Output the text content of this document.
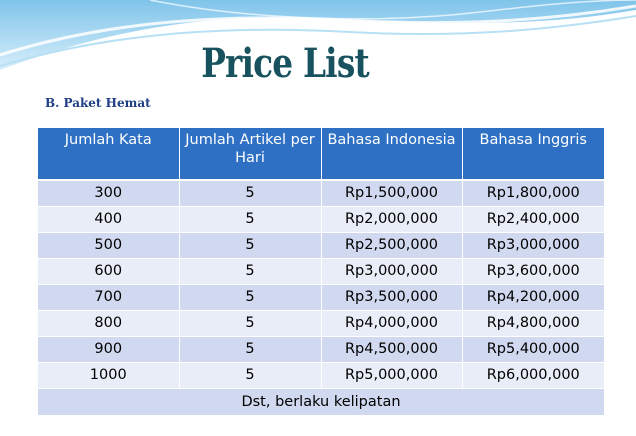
Price List
B. Paket Hemat
Jumlah Kata	Jumlah Artikel per Hari	Bahasa Indonesia	Bahasa Inggris
300	5	Rp1,500,000	Rp1,800,000
400	5	Rp2,000,000	Rp2,400,000
500	5	Rp2,500,000	Rp3,000,000
600	5	Rp3,000,000	Rp3,600,000
700	5	Rp3,500,000	Rp4,200,000
800	5	Rp4,000,000	Rp4,800,000
900	5	Rp4,500,000	Rp5,400,000
1000	5	Rp5,000,000	Rp6,000,000
Dst, berlaku kelipatan			
